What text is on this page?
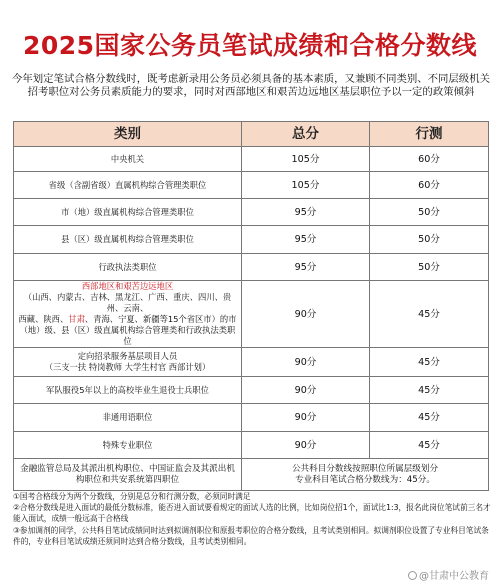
2025国家公务员笔试成绩和合格分数线
今年划定笔试合格分数线时，既考虑新录用公务员必须具备的基本素质，又兼顾不同类别、不同层级机关招考职位对公务员素质能力的要求，同时对西部地区和艰苦边远地区基层职位予以一定的政策倾斜
类别	总分	行测
中央机关	105分	60分
省级（含副省级）直属机构综合管理类职位	105分	60分
市（地）级直属机构综合管理类职位	95分	50分
县（区）级直属机构综合管理类职位	95分	50分
行政执法类职位	95分	50分

西部地区和艰苦边远地区
（山西、内蒙古、吉林、黑龙江、广西、重庆、四川、贵州、云南、
西藏、陕西、甘肃、青海、宁夏、新疆等15个省区市）的市
（地）级、县（区）级直属机构综合管理类和行政执法类职位	90分	45分

定向招录服务基层项目人员
（三支一扶 特岗教师 大学生村官 西部计划）	90分	45分
军队服役5年以上的高校毕业生退役士兵职位	90分	45分
非通用语职位	90分	45分
特殊专业职位	90分	45分
金融监管总局及其派出机构职位、中国证监会及其派出机构职位和共安系统第四职位	公共科目分数线按照职位所属层级划分
专业科目笔试合格分数线为：45分。	
①国考合格线分为两个分数线，分别是总分和行测分数，必须同时满足
②合格分数线是进入面试的最低分数标准，能否进入面试要看规定的面试人选的比例，比如岗位招1个，面试比1:3，报名此岗位笔试前三名才能入面试，成绩一般远高于合格线
③参加调剂的同学，公共科目笔试成绩同时达到拟调剂职位和原报考职位的合格分数线，且考试类别相同。拟调剂职位设置了专业科目笔试条件的，专业科目笔试成绩还须同时达到合格分数线，且考试类别相同。
@甘肃中公教育
